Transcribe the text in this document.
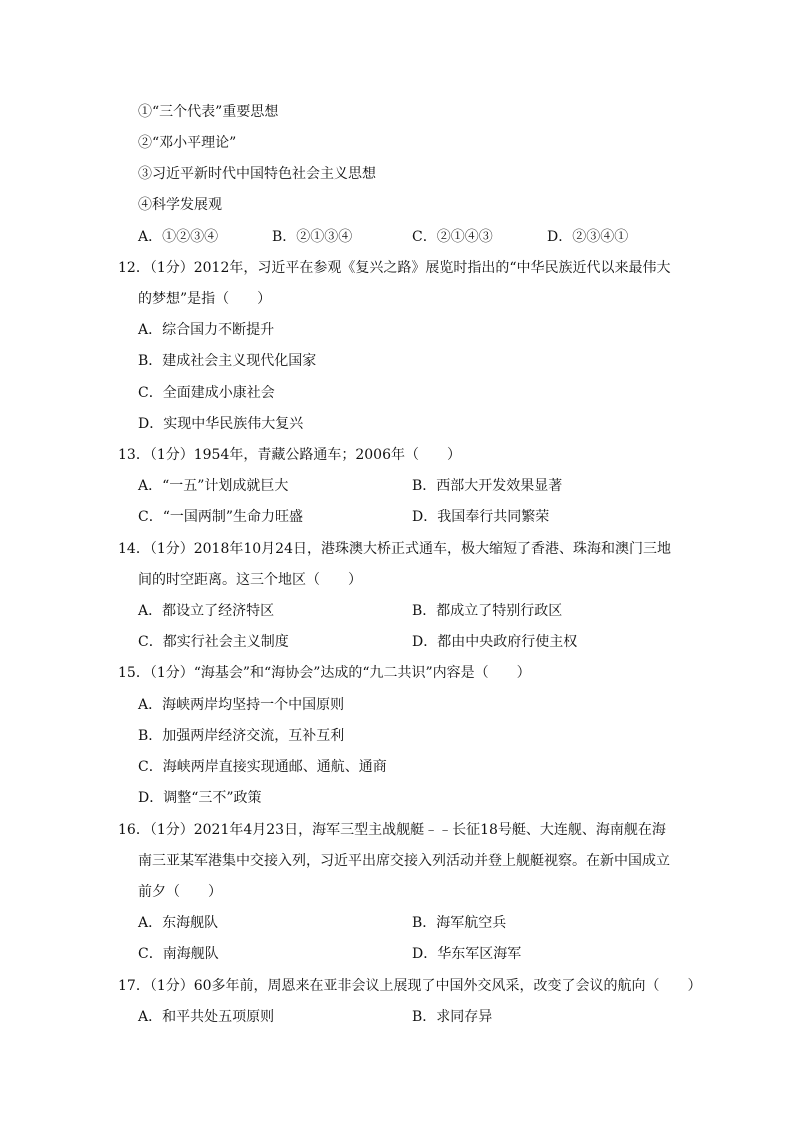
①“三个代表”重要思想
②“邓小平理论”
③习近平新时代中国特色社会主义思想
④科学发展观
A．①②③④	B．②①③④	C．②①④③	D．②③④①
12．（1分）2012年，习近平在参观《复兴之路》展览时指出的“中华民族近代以来最伟大
的梦想”是指（　　）
A．综合国力不断提升
B．建成社会主义现代化国家
C．全面建成小康社会
D．实现中华民族伟大复兴
13．（1分）1954年，青藏公路通车；2006年（　　）
A．“一五”计划成就巨大	B．西部大开发效果显著
C．“一国两制”生命力旺盛	D．我国奉行共同繁荣
14．（1分）2018年10月24日，港珠澳大桥正式通车，极大缩短了香港、珠海和澳门三地
间的时空距离。这三个地区（　　）
A．都设立了经济特区	B．都成立了特别行政区
C．都实行社会主义制度	D．都由中央政府行使主权
15．（1分）“海基会”和“海协会”达成的“九二共识”内容是（　　）
A．海峡两岸均坚持一个中国原则
B．加强两岸经济交流，互补互利
C．海峡两岸直接实现通邮、通航、通商
D．调整“三不”政策
16．（1分）2021年4月23日，海军三型主战舰艇﹣﹣长征18号艇、大连舰、海南舰在海
南三亚某军港集中交接入列，习近平出席交接入列活动并登上舰艇视察。在新中国成立
前夕（　　）
A．东海舰队	B．海军航空兵
C．南海舰队	D．华东军区海军
17．（1分）60多年前，周恩来在亚非会议上展现了中国外交风采，改变了会议的航向（　　）
A．和平共处五项原则	B．求同存异
